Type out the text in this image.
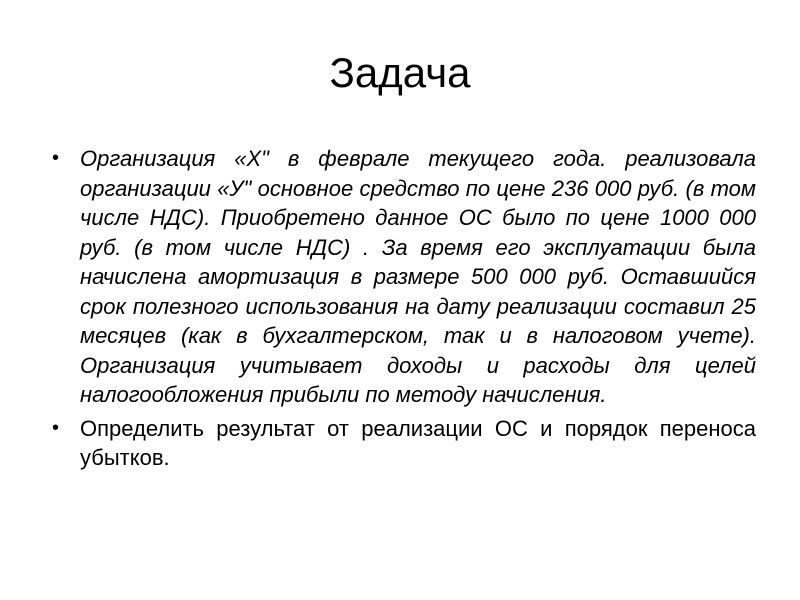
Задача
• Организация «Х" в феврале текущего года. реализовала организации «У" основное средство по цене 236 000 руб. (в том числе НДС). Приобретено данное ОС было по цене 1000 000 руб. (в том числе НДС) . За время его эксплуатации была начислена амортизация в размере 500 000 руб. Оставшийся срок полезного использования на дату реализации составил 25 месяцев (как в бухгалтерском, так и в налоговом учете). Организация учитывает доходы и расходы для целей налогообложения прибыли по методу начисления.
• Определить результат от реализации ОС и порядок переноса убытков.
